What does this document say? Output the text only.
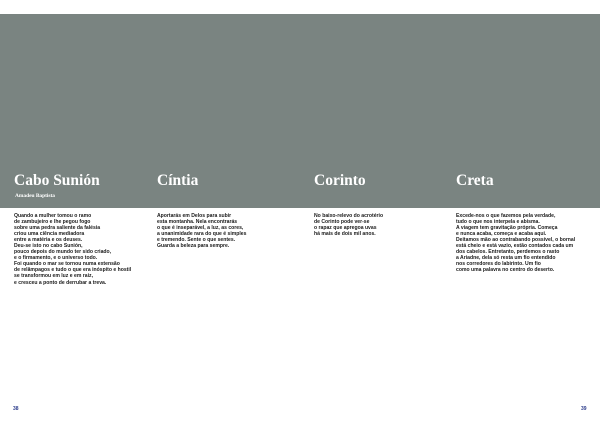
Cabo Sunión
Amadeu Baptista
Quando a mulher tomou o ramo
de zambujeiro e lhe pegou fogo
sobre uma pedra saliente da falésia
criou uma ciência mediadora
entre a matéria e os deuses.
Deu-se isto no cabo Sunión,
pouco depois do mundo ter sido criado,
e o firmamento, e o universo todo.
Foi quando o mar se tornou numa extensão
de relâmpagos e tudo o que era inóspito e hostil
se transformou em luz e em raiz,
e cresceu a ponto de derrubar a treva.
Cíntia
Aportarás em Delos para subir
esta montanha. Nela encontrarás
o que é inseparável, a luz, as cores,
a unanimidade rara do que é simples
e tremendo. Sente o que sentes.
Guarda a beleza para sempre.
Corinto
No baixo-relevo do acrotério
de Corinto pode ver-se
o rapaz que apregoa uvas
há mais de dois mil anos.
Creta
Excede-nos o que fazemos pela verdade,
tudo o que nos interpela e abisma.
A viagem tem gravitação própria. Começa
e nunca acaba, começa e acaba aqui.
Deitamos mão ao contrabando possível, o bornal
está cheio e está vazio, estão contados cada um
dos cabelos. Entretanto, perdemos o rasto
a Ariadne, dela só resta um fio entendido
nos corredores do labirinto. Um fio
como uma palavra no centro do deserto.
38	39
